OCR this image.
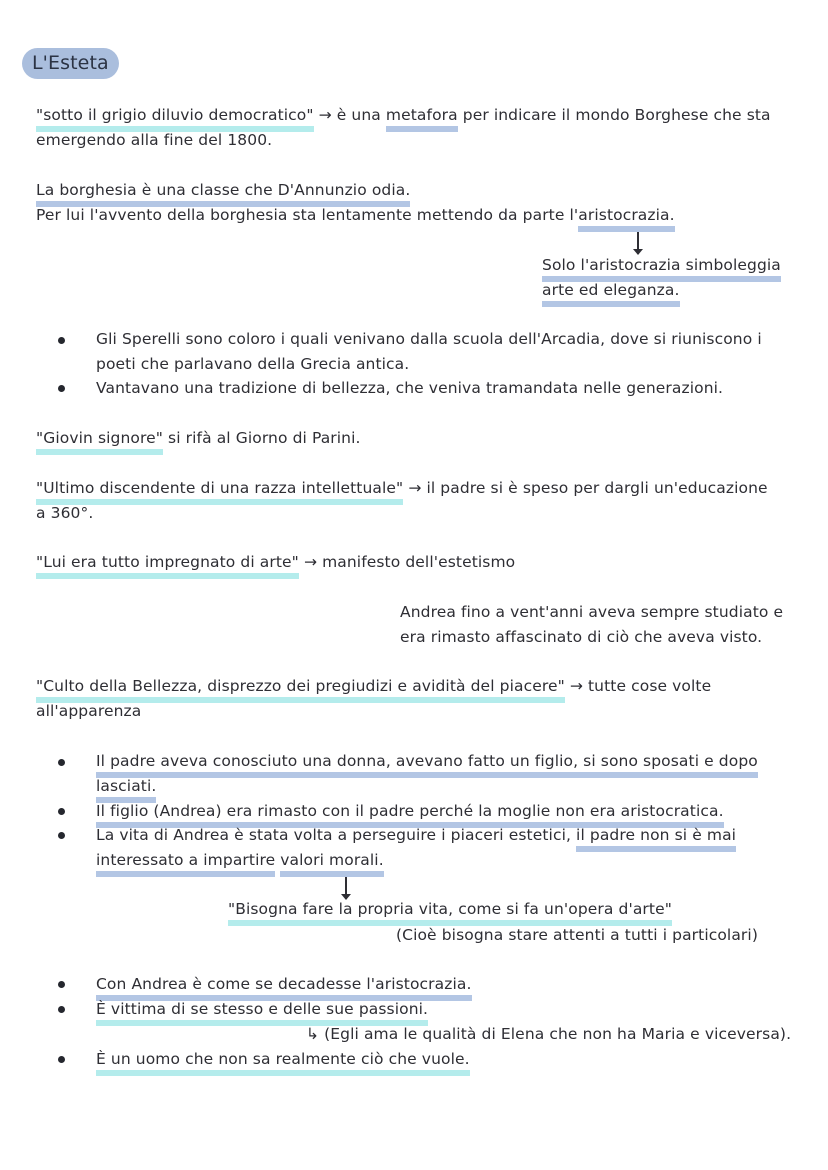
L'Esteta
"sotto il grigio diluvio democratico" → è una metafora per indicare il mondo Borghese che sta
emergendo alla fine del 1800.
La borghesia è una classe che D'Annunzio odia.
Per lui l'avvento della borghesia sta lentamente mettendo da parte l'aristocrazia.
Solo l'aristocrazia simboleggia
arte ed eleganza.
Gli Sperelli sono coloro i quali venivano dalla scuola dell'Arcadia, dove si riuniscono i
poeti che parlavano della Grecia antica.
Vantavano una tradizione di bellezza, che veniva tramandata nelle generazioni.
"Giovin signore" si rifà al Giorno di Parini.
"Ultimo discendente di una razza intellettuale" → il padre si è speso per dargli un'educazione
a 360°.
"Lui era tutto impregnato di arte" → manifesto dell'estetismo
Andrea fino a vent'anni aveva sempre studiato e
era rimasto affascinato di ciò che aveva visto.
"Culto della Bellezza, disprezzo dei pregiudizi e avidità del piacere" → tutte cose volte
all'apparenza
Il padre aveva conosciuto una donna, avevano fatto un figlio, si sono sposati e dopo
lasciati.
Il figlio (Andrea) era rimasto con il padre perché la moglie non era aristocratica.
La vita di Andrea è stata volta a perseguire i piaceri estetici, il padre non si è mai
interessato a impartire valori morali.
"Bisogna fare la propria vita, come si fa un'opera d'arte"
(Cioè bisogna stare attenti a tutti i particolari)
Con Andrea è come se decadesse l'aristocrazia.
È vittima di se stesso e delle sue passioni.
↳ (Egli ama le qualità di Elena che non ha Maria e viceversa).
È un uomo che non sa realmente ciò che vuole.
